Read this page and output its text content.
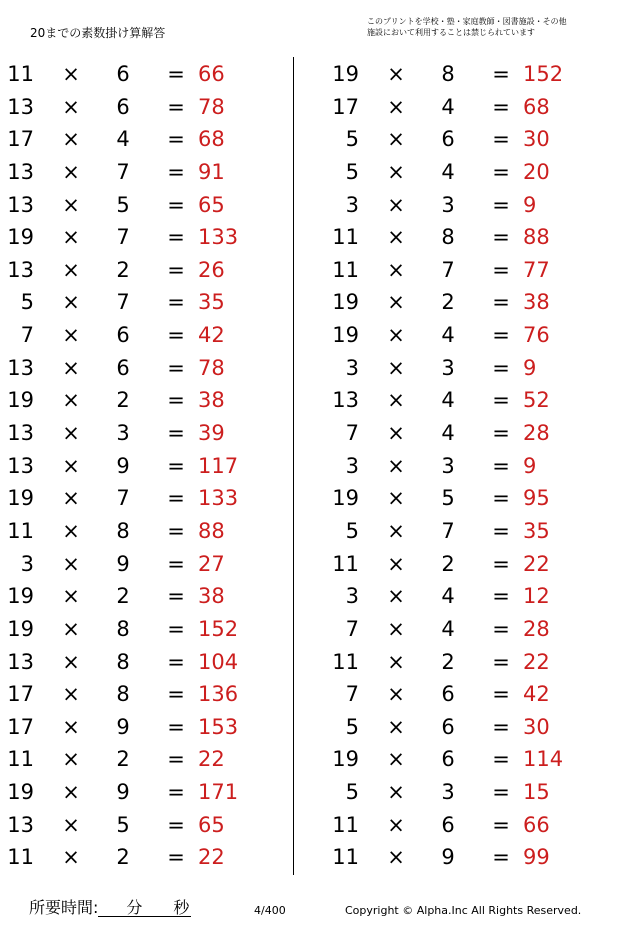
20までの素数掛け算解答
このプリントを学校・塾・家庭教師・図書施設・その他
施設において利用することは禁じられています
11 × 6 = 66
13 × 6 = 78
17 × 4 = 68
13 × 7 = 91
13 × 5 = 65
19 × 7 = 133
13 × 2 = 26
5 × 7 = 35
7 × 6 = 42
13 × 6 = 78
19 × 2 = 38
13 × 3 = 39
13 × 9 = 117
19 × 7 = 133
11 × 8 = 88
3 × 9 = 27
19 × 2 = 38
19 × 8 = 152
13 × 8 = 104
17 × 8 = 136
17 × 9 = 153
11 × 2 = 22
19 × 9 = 171
13 × 5 = 65
11 × 2 = 22
19 × 8 = 152
17 × 4 = 68
5 × 6 = 30
5 × 4 = 20
3 × 3 = 9
11 × 8 = 88
11 × 7 = 77
19 × 2 = 38
19 × 4 = 76
3 × 3 = 9
13 × 4 = 52
7 × 4 = 28
3 × 3 = 9
19 × 5 = 95
5 × 7 = 35
11 × 2 = 22
3 × 4 = 12
7 × 4 = 28
11 × 2 = 22
7 × 6 = 42
5 × 6 = 30
19 × 6 = 114
5 × 3 = 15
11 × 6 = 66
11 × 9 = 99
所要時間: 分 秒	4/400	Copyright © Alpha.Inc All Rights Reserved.
